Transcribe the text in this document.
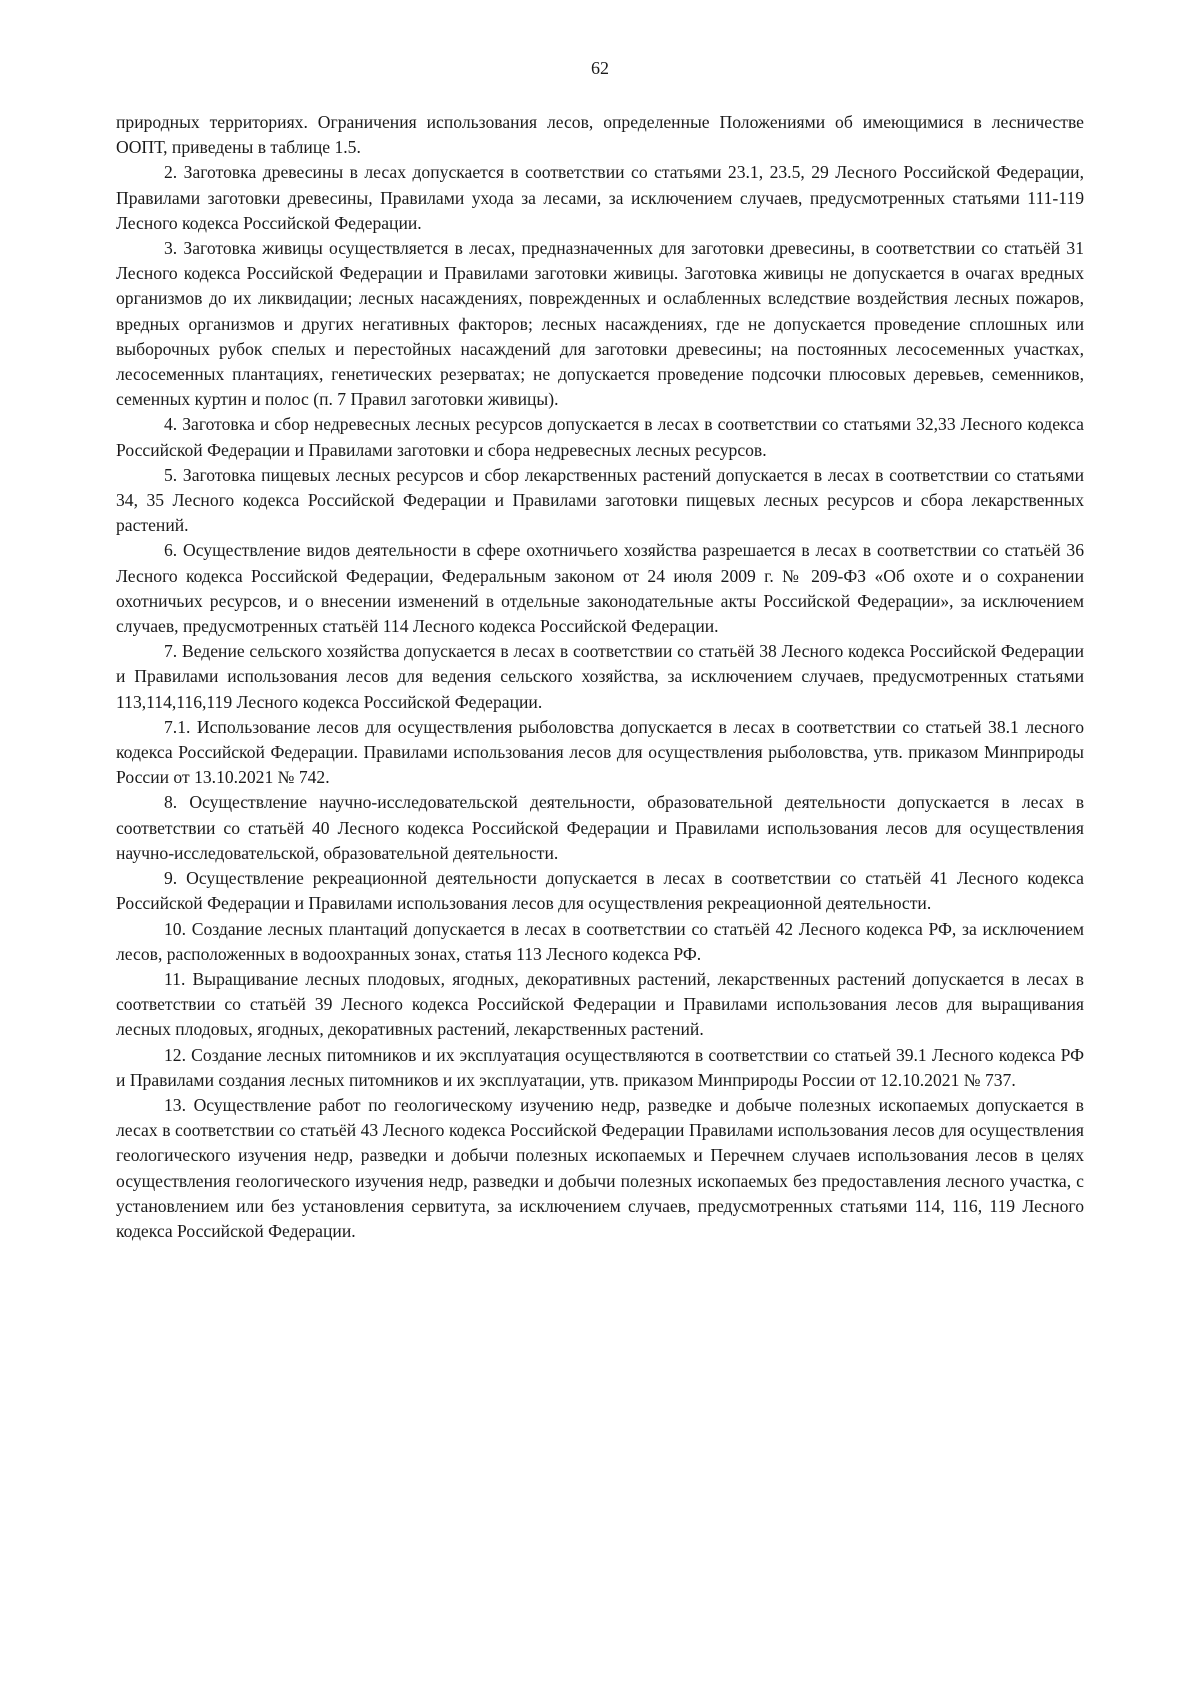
62

природных территориях. Ограничения использования лесов, определенные Положениями об имеющимися в лесничестве ООПТ, приведены в таблице 1.5.

2. Заготовка древесины в лесах допускается в соответствии со статьями 23.1, 23.5, 29 Лесного Российской Федерации, Правилами заготовки древесины, Правилами ухода за лесами, за исключением случаев, предусмотренных статьями 111-119 Лесного кодекса Российской Федерации.

3. Заготовка живицы осуществляется в лесах, предназначенных для заготовки древесины, в соответствии со статьёй 31 Лесного кодекса Российской Федерации и Правилами заготовки живицы. Заготовка живицы не допускается в очагах вредных организмов до их ликвидации; лесных насаждениях, поврежденных и ослабленных вследствие воздействия лесных пожаров, вредных организмов и других негативных факторов; лесных насаждениях, где не допускается проведение сплошных или выборочных рубок спелых и перестойных насаждений для заготовки древесины; на постоянных лесосеменных участках, лесосеменных плантациях, генетических резерватах; не допускается проведение подсочки плюсовых деревьев, семенников, семенных куртин и полос (п. 7 Правил заготовки живицы).

4. Заготовка и сбор недревесных лесных ресурсов допускается в лесах в соответствии со статьями 32,33 Лесного кодекса Российской Федерации и Правилами заготовки и сбора недревесных лесных ресурсов.

5. Заготовка пищевых лесных ресурсов и сбор лекарственных растений допускается в лесах в соответствии со статьями 34, 35 Лесного кодекса Российской Федерации и Правилами заготовки пищевых лесных ресурсов и сбора лекарственных растений.

6. Осуществление видов деятельности в сфере охотничьего хозяйства разрешается в лесах в соответствии со статьёй 36 Лесного кодекса Российской Федерации, Федеральным законом от 24 июля 2009 г. № 209-ФЗ «Об охоте и о сохранении охотничьих ресурсов, и о внесении изменений в отдельные законодательные акты Российской Федерации», за исключением случаев, предусмотренных статьёй 114 Лесного кодекса Российской Федерации.

7. Ведение сельского хозяйства допускается в лесах в соответствии со статьёй 38 Лесного кодекса Российской Федерации и Правилами использования лесов для ведения сельского хозяйства, за исключением случаев, предусмотренных статьями 113,114,116,119 Лесного кодекса Российской Федерации.

7.1. Использование лесов для осуществления рыболовства допускается в лесах в соответствии со статьей 38.1 лесного кодекса Российской Федерации. Правилами использования лесов для осуществления рыболовства, утв. приказом Минприроды России от 13.10.2021 № 742.

8. Осуществление научно-исследовательской деятельности, образовательной деятельности допускается в лесах в соответствии со статьёй 40 Лесного кодекса Российской Федерации и Правилами использования лесов для осуществления научно-исследовательской, образовательной деятельности.

9. Осуществление рекреационной деятельности допускается в лесах в соответствии со статьёй 41 Лесного кодекса Российской Федерации и Правилами использования лесов для осуществления рекреационной деятельности.

10. Создание лесных плантаций допускается в лесах в соответствии со статьёй 42 Лесного кодекса РФ, за исключением лесов, расположенных в водоохранных зонах, статья 113 Лесного кодекса РФ.

11. Выращивание лесных плодовых, ягодных, декоративных растений, лекарственных растений допускается в лесах в соответствии со статьёй 39 Лесного кодекса Российской Федерации и Правилами использования лесов для выращивания лесных плодовых, ягодных, декоративных растений, лекарственных растений.

12. Создание лесных питомников и их эксплуатация осуществляются в соответствии со статьей 39.1 Лесного кодекса РФ и Правилами создания лесных питомников и их эксплуатации, утв. приказом Минприроды России от 12.10.2021 № 737.

13. Осуществление работ по геологическому изучению недр, разведке и добыче полезных ископаемых допускается в лесах в соответствии со статьёй 43 Лесного кодекса Российской Федерации Правилами использования лесов для осуществления геологического изучения недр, разведки и добычи полезных ископаемых и Перечнем случаев использования лесов в целях осуществления геологического изучения недр, разведки и добычи полезных ископаемых без предоставления лесного участка, с установлением или без установления сервитута, за исключением случаев, предусмотренных статьями 114, 116, 119 Лесного кодекса Российской Федерации.
